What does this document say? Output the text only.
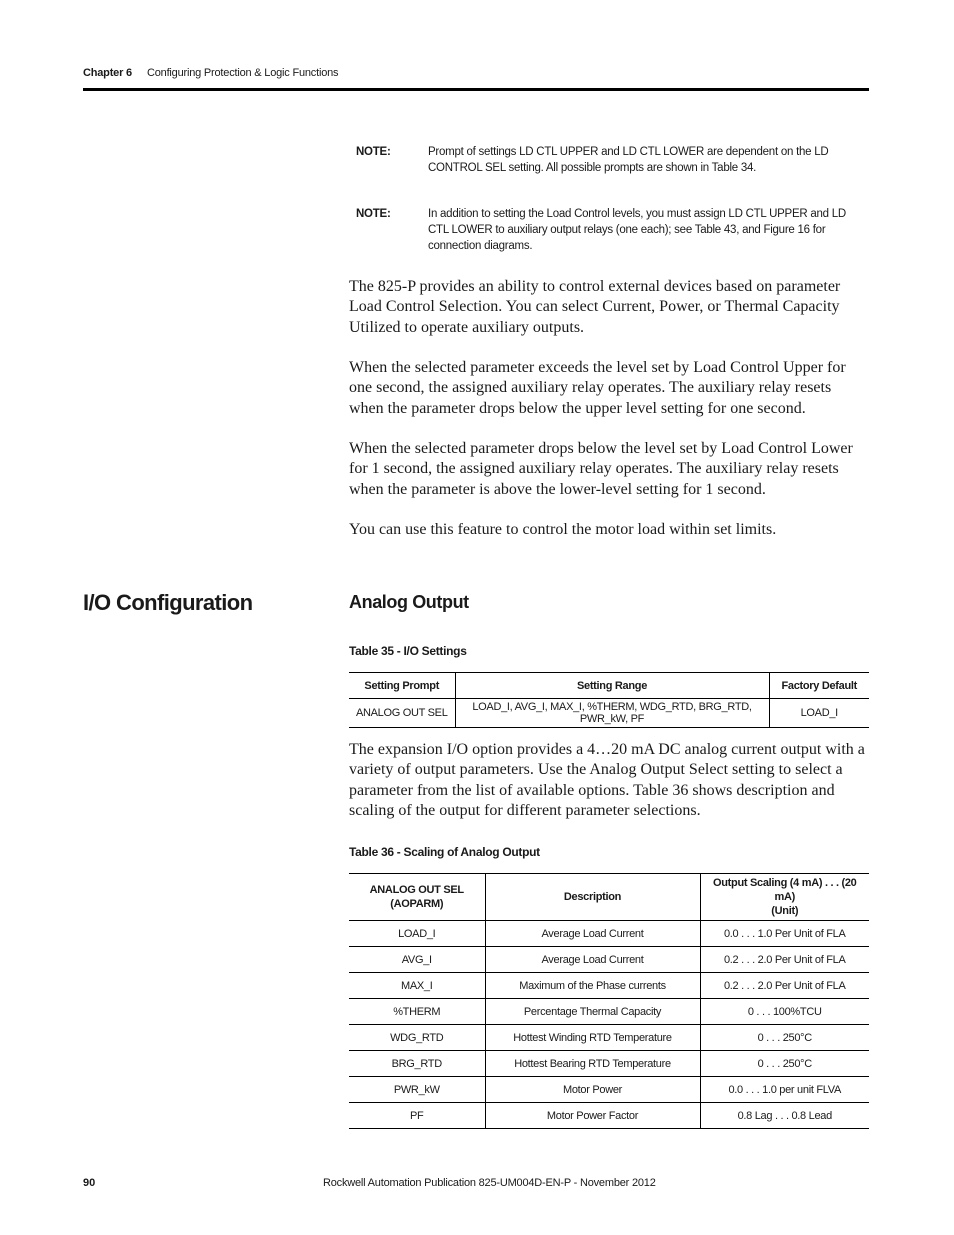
Chapter 6 Configuring Protection & Logic Functions
NOTE:	Prompt of settings LD CTL UPPER and LD CTL LOWER are dependent on the LD CONTROL SEL setting. All possible prompts are shown in Table 34.
NOTE:	In addition to setting the Load Control levels, you must assign LD CTL UPPER and LD CTL LOWER to auxiliary output relays (one each); see Table 43, and Figure 16 for connection diagrams.
The 825-P provides an ability to control external devices based on parameter Load Control Selection. You can select Current, Power, or Thermal Capacity Utilized to operate auxiliary outputs.
When the selected parameter exceeds the level set by Load Control Upper for one second, the assigned auxiliary relay operates. The auxiliary relay resets when the parameter drops below the upper level setting for one second.
When the selected parameter drops below the level set by Load Control Lower for 1 second, the assigned auxiliary relay operates. The auxiliary relay resets when the parameter is above the lower-level setting for 1 second.
You can use this feature to control the motor load within set limits.
I/O Configuration	Analog Output
Table 35 - I/O Settings
Setting Prompt	Setting Range	Factory Default
ANALOG OUT SEL	LOAD_I, AVG_I, MAX_I, %THERM, WDG_RTD, BRG_RTD, PWR_kW, PF	LOAD_I
The expansion I/O option provides a 4…20 mA DC analog current output with a variety of output parameters. Use the Analog Output Select setting to select a parameter from the list of available options. Table 36 shows description and scaling of the output for different parameter selections.
Table 36 - Scaling of Analog Output
ANALOG OUT SEL
(AOPARM)	Description	Output Scaling (4 mA) . . . (20 mA)
(Unit)
LOAD_I	Average Load Current	0.0 . . . 1.0 Per Unit of FLA
AVG_I	Average Load Current	0.2 . . . 2.0 Per Unit of FLA
MAX_I	Maximum of the Phase currents	0.2 . . . 2.0 Per Unit of FLA
%THERM	Percentage Thermal Capacity	0 . . . 100%TCU
WDG_RTD	Hottest Winding RTD Temperature	0 . . . 250°C
BRG_RTD	Hottest Bearing RTD Temperature	0 . . . 250°C
PWR_kW	Motor Power	0.0 . . . 1.0 per unit FLVA
PF	Motor Power Factor	0.8 Lag . . . 0.8 Lead
90	Rockwell Automation Publication 825-UM004D-EN-P - November 2012
